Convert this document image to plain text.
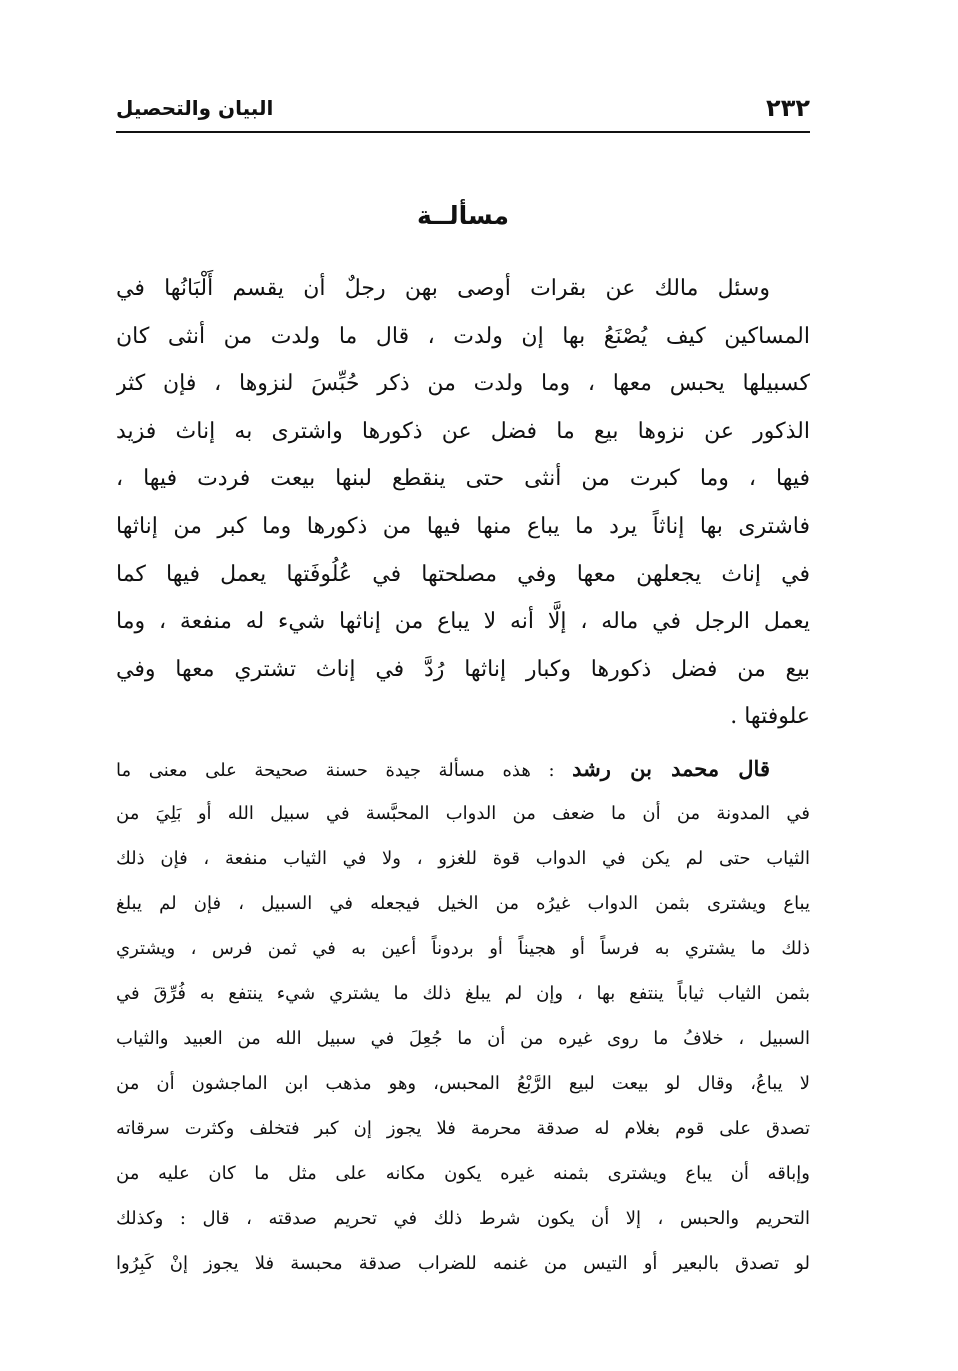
٢٣٢
البيان والتحصيل
مسألــة
وسئل مالك عن بقرات أوصى بهن رجلٌ أن يقسم أَلْبَانُها في
المساكين كيف يُصْنَعُ بها إن ولدت ، قال ما ولدت من أنثى كان
كسبيلها يحبس معها ، وما ولدت من ذكر حُبِّسَ لنزوها ، فإن كثر
الذكور عن نزوها بيع ما فضل عن ذكورها واشترى به إناث فزيد
فيها ، وما كبرت من أنثى حتى ينقطع لبنها بيعت فردت فيها ،
فاشترى بها إناثاً يرد ما يباع منها فيها من ذكورها وما كبر من إناثها
في إناث يجعلهن معها وفي مصلحتها في عُلُوفَتها يعمل فيها كما
يعمل الرجل في ماله ، إلَّا أنه لا يباع من إناثها شيء له منفعة ، وما
بيع من فضل ذكورها وكبار إناثها رُدَّ في إناث تشتري معها وفي
علوفتها .
قال محمد بن رشد : هذه مسألة جيدة حسنة صحيحة على معنى ما
في المدونة من أن ما ضعف من الدواب المحبَّسة في سبيل الله أو بَلِيَ من
الثياب حتى لم يكن في الدواب قوة للغزو ، ولا في الثياب منفعة ، فإن ذلك
يباع ويشترى بثمن الدواب غيرُه من الخيل فيجعله في السبيل ، فإن لم يبلغ
ذلك ما يشتري به فرساً أو هجيناً أو بردوناً أعين به في ثمن فرس ، ويشتري
بثمن الثياب ثياباً ينتفع بها ، وإن لم يبلغ ذلك ما يشتري شيء ينتفع به فُرِّقَ في
السبيل ، خلافُ ما روى غيره من أن ما جُعِلَ في سبيل الله من العبيد والثياب
لا يباعُ، وقال لو بيعت لبيع الرَّبْعُ المحبس، وهو مذهب ابن الماجشون أن من
تصدق على قوم بغلام له صدقة محرمة فلا يجوز إن كبر فتخلف وكثرت سرقاته
وإباقه أن يباع ويشترى بثمنه غيره يكون مكانه على مثل ما كان عليه من
التحريم والحبس ، إلا أن يكون شرط ذلك في تحريم صدقته ، قال : وكذلك
لو تصدق بالبعير أو التيس من غنمه للضراب صدقة محبسة فلا يجوز إنْ كَبِرُوا
